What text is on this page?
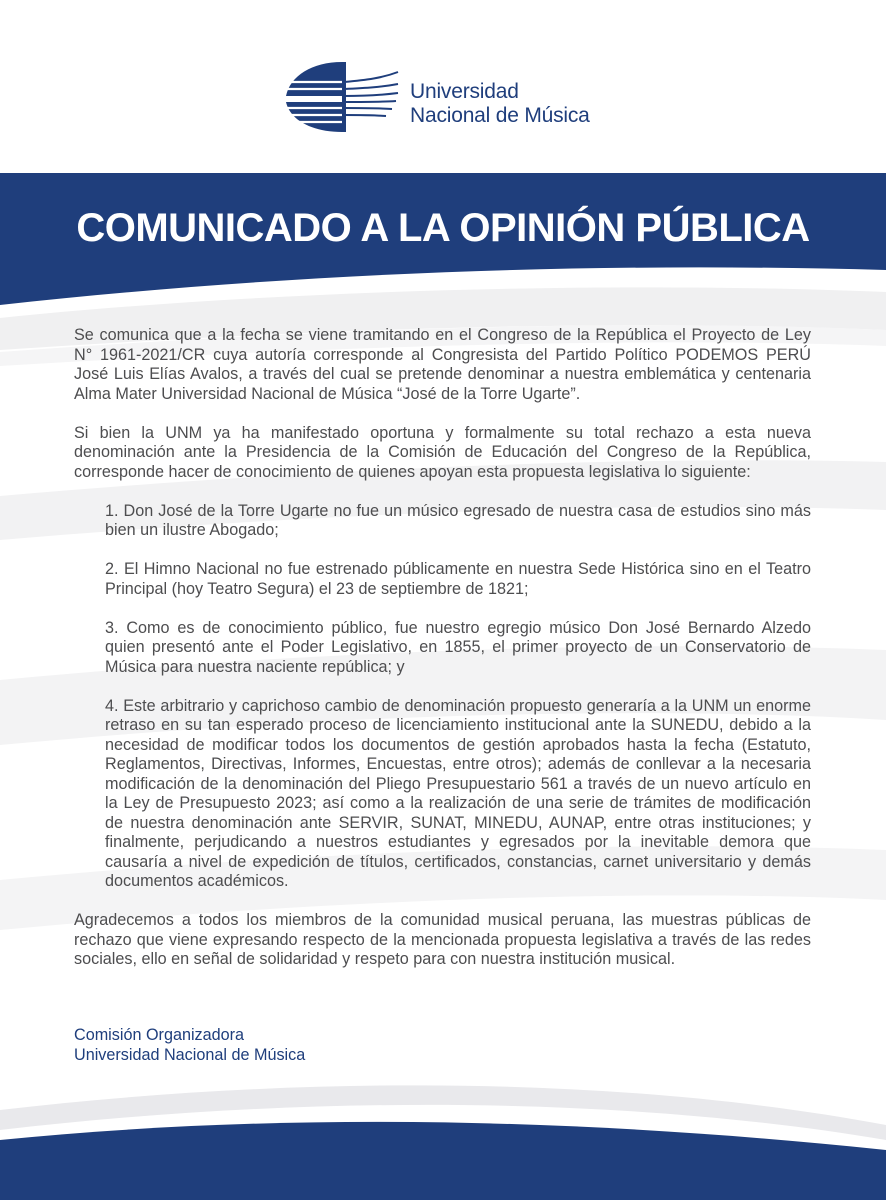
Universidad
Nacional de Música
COMUNICADO A LA OPINIÓN PÚBLICA

Se comunica que a la fecha se viene tramitando en el Congreso de la República el Proyecto de Ley N° 1961-2021/CR cuya autoría corresponde al Congresista del Partido Político PODEMOS PERÚ José Luis Elías Avalos, a través del cual se pretende denominar a nuestra emblemática y centenaria Alma Mater Universidad Nacional de Música “José de la Torre Ugarte”.

Si bien la UNM ya ha manifestado oportuna y formalmente su total rechazo a esta nueva denominación ante la Presidencia de la Comisión de Educación del Congreso de la República, corresponde hacer de conocimiento de quienes apoyan esta propuesta legislativa lo siguiente:

1. Don José de la Torre Ugarte no fue un músico egresado de nuestra casa de estudios sino más bien un ilustre Abogado;

2. El Himno Nacional no fue estrenado públicamente en nuestra Sede Histórica sino en el Teatro Principal (hoy Teatro Segura) el 23 de septiembre de 1821;

3. Como es de conocimiento público, fue nuestro egregio músico Don José Bernardo Alzedo quien presentó ante el Poder Legislativo, en 1855, el primer proyecto de un Conservatorio de Música para nuestra naciente república; y

4. Este arbitrario y caprichoso cambio de denominación propuesto generaría a la UNM un enorme retraso en su tan esperado proceso de licenciamiento institucional ante la SUNEDU, debido a la necesidad de modificar todos los documentos de gestión aprobados hasta la fecha (Estatuto, Reglamentos, Directivas, Informes, Encuestas, entre otros); además de conllevar a la necesaria modificación de la denominación del Pliego Presupuestario 561 a través de un nuevo artículo en la Ley de Presupuesto 2023; así como a la realización de una serie de trámites de modificación de nuestra denominación ante SERVIR, SUNAT, MINEDU, AUNAP, entre otras instituciones; y finalmente, perjudicando a nuestros estudiantes y egresados por la inevitable demora que causaría a nivel de expedición de títulos, certificados, constancias, carnet universitario y demás documentos académicos.

Agradecemos a todos los miembros de la comunidad musical peruana, las muestras públicas de rechazo que viene expresando respecto de la mencionada propuesta legislativa a través de las redes sociales, ello en señal de solidaridad y respeto para con nuestra institución musical.

Comisión Organizadora
Universidad Nacional de Música
